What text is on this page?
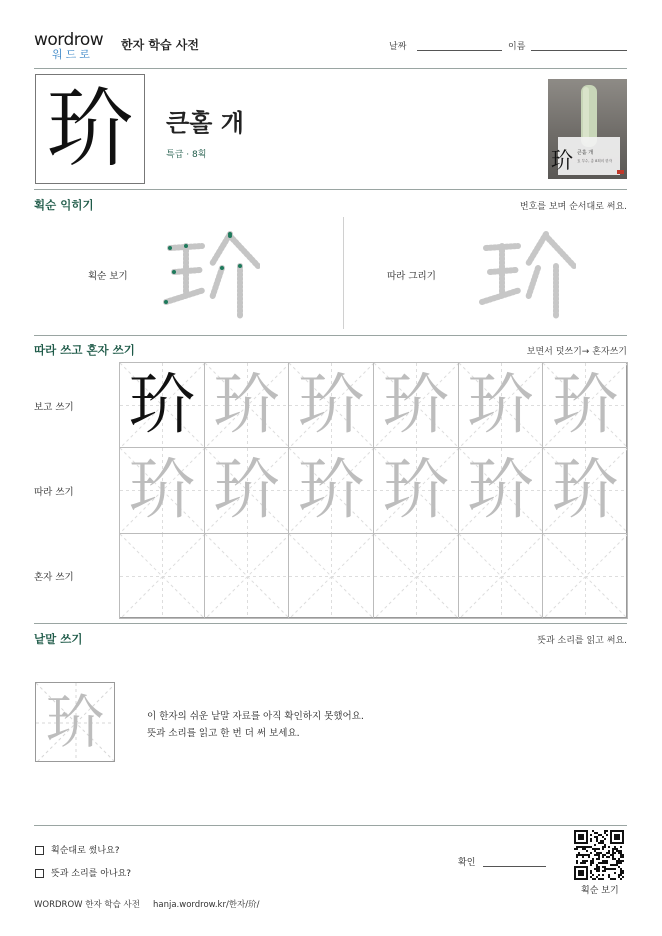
wordrow
워드로
한자 학습 사전	날짜	이름
玠	큰홀 개
특급 · 8획	玠 큰홀 개
玉 부수, 총 8획의 한자
획순 익히기	번호를 보며 순서대로 써요.
획순 보기	따라 그리기
따라 쓰고 혼자 쓰기	보면서 덧쓰기→ 혼자쓰기
보고 쓰기
따라 쓰기
혼자 쓰기
玠 玠 玠 玠 玠 玠
玠 玠 玠 玠 玠 玠
낱말 쓰기	뜻과 소리를 읽고 써요.
玠	이 한자의 쉬운 낱말 자료를 아직 확인하지 못했어요.
뜻과 소리를 읽고 한 번 더 써 보세요.
획순대로 썼나요?
뜻과 소리를 아나요?
확인
획순 보기
WORDROW 한자 학습 사전 hanja.wordrow.kr/한자/玠/
